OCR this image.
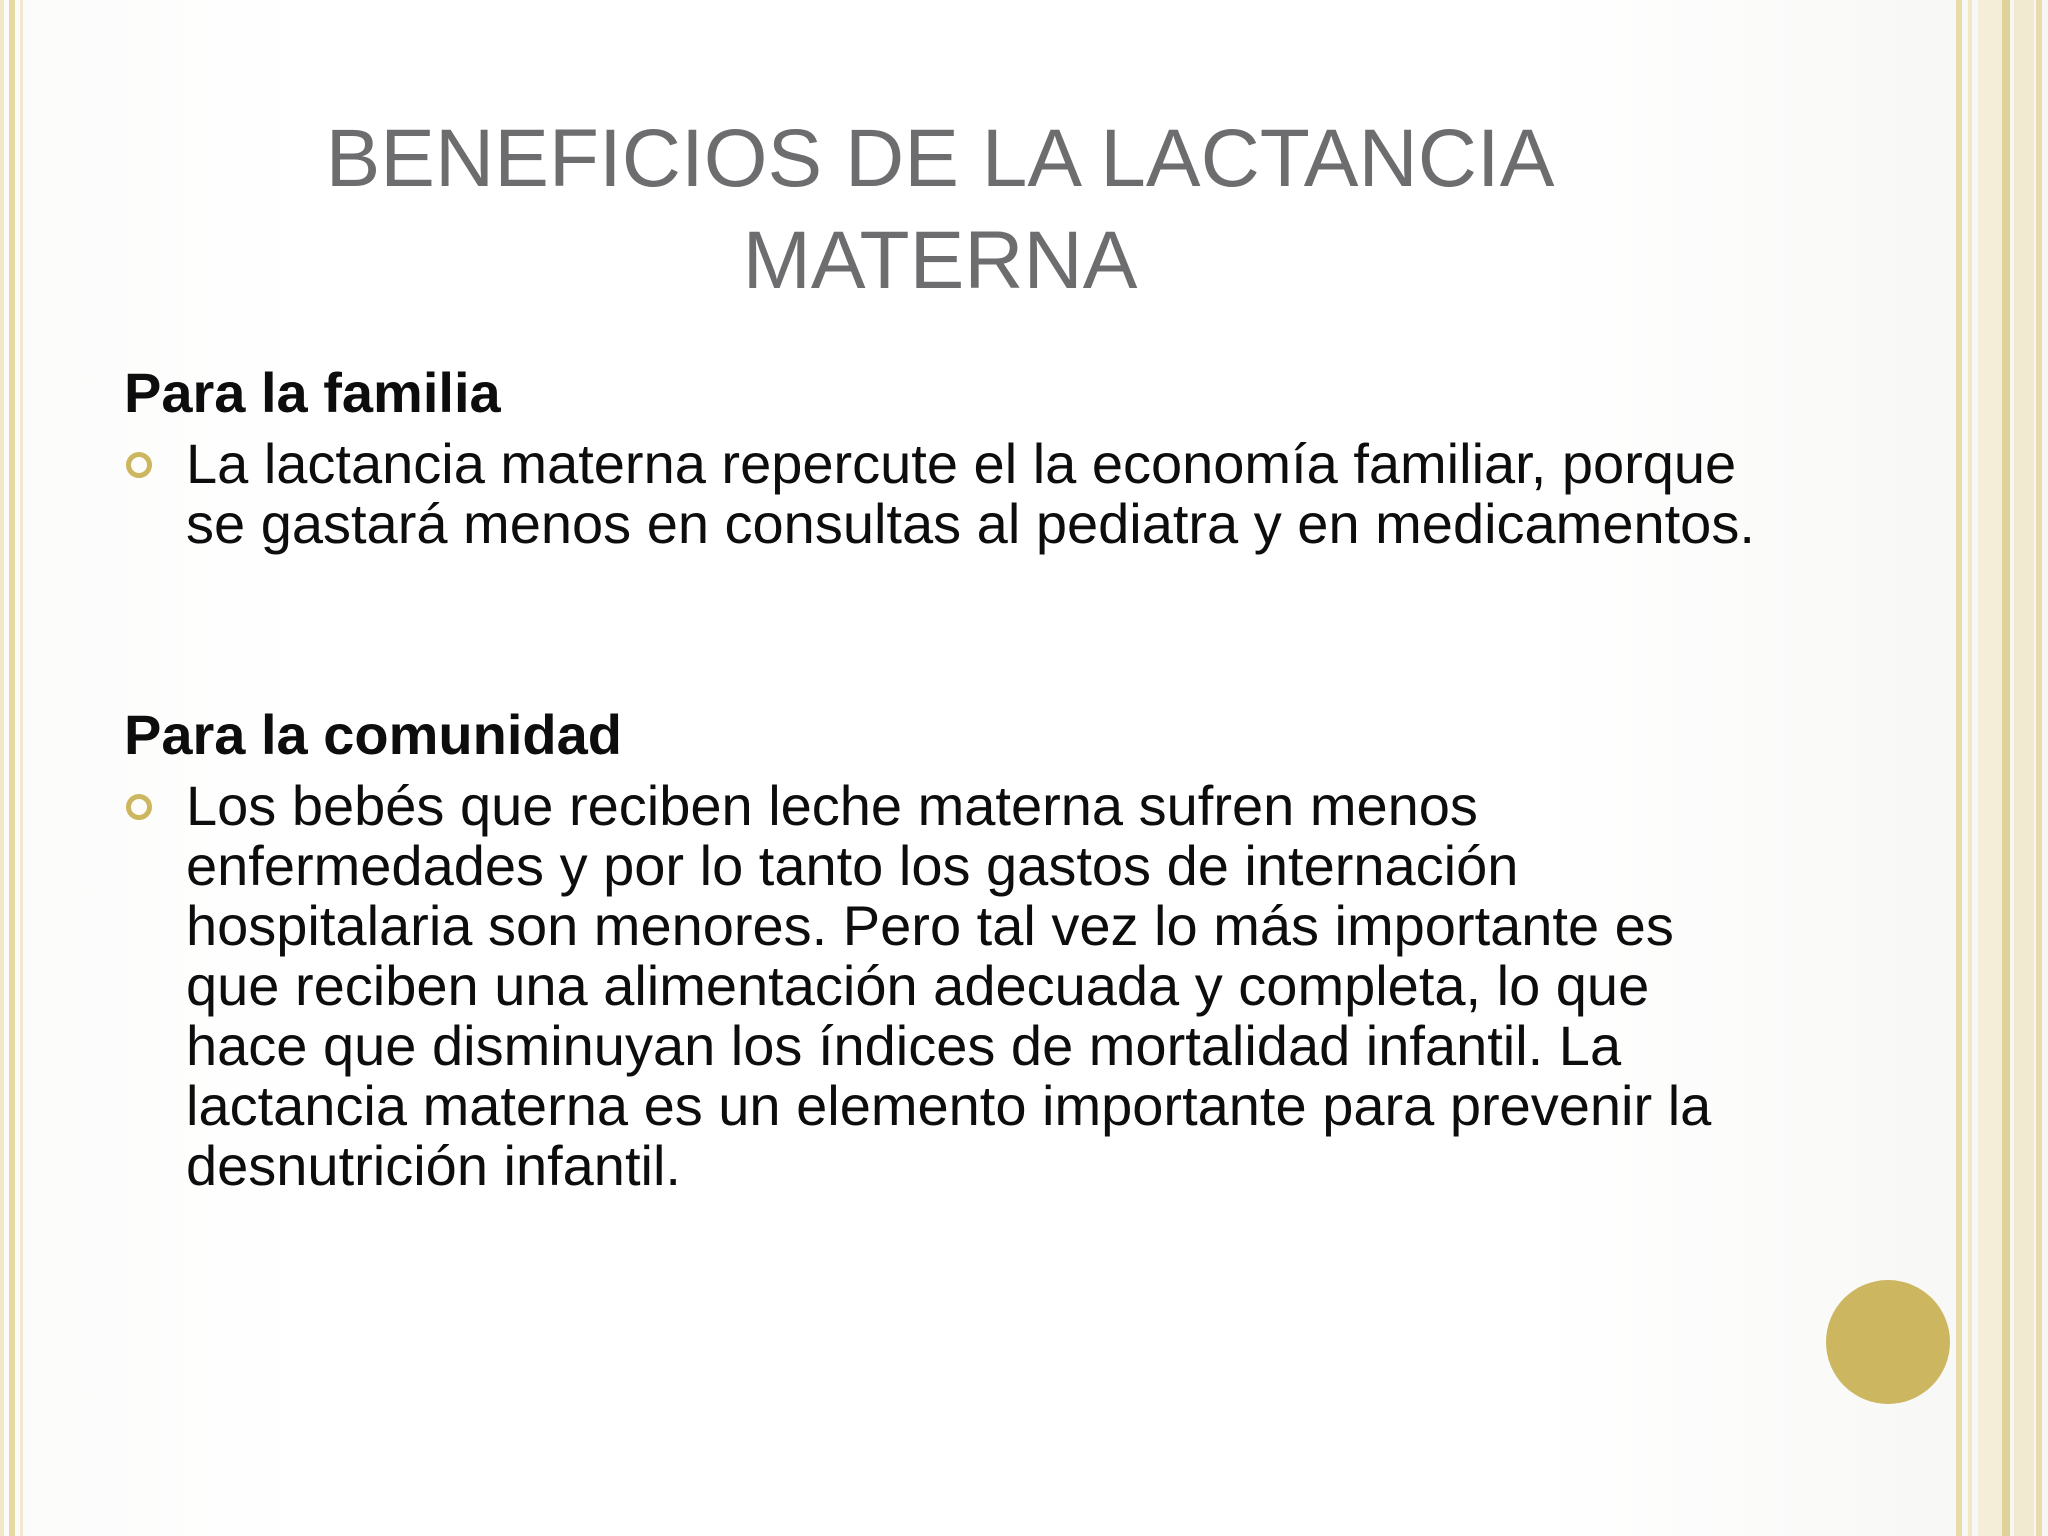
BENEFICIOS DE LA LACTANCIA MATERNA

Para la familia

La lactancia materna repercute el la economía familiar, porque se gastará menos en consultas al pediatra y en medicamentos.

Para la comunidad

Los bebés que reciben leche materna sufren menos enfermedades y por lo tanto los gastos de internación hospitalaria son menores. Pero tal vez lo más importante es que reciben una alimentación adecuada y completa, lo que hace que disminuyan los índices de mortalidad infantil. La lactancia materna es un elemento importante para prevenir la desnutrición infantil.
